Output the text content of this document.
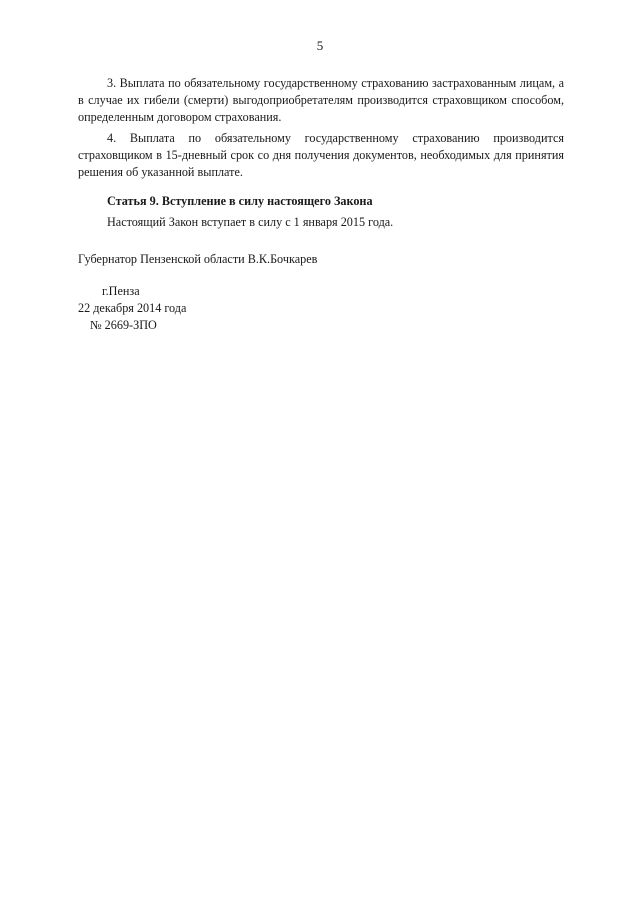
5

3. Выплата по обязательному государственному страхованию застрахованным лицам, а в случае их гибели (смерти) выгодоприобретателям производится страховщиком способом, определенным договором страхования.

4. Выплата по обязательному государственному страхованию производится страховщиком в 15-дневный срок со дня получения документов, необходимых для принятия решения об указанной выплате.

Статья 9. Вступление в силу настоящего Закона

Настоящий Закон вступает в силу с 1 января 2015 года.

Губернатор Пензенской области В.К.Бочкарев
г.Пенза
22 декабря 2014 года
№ 2669-ЗПО
